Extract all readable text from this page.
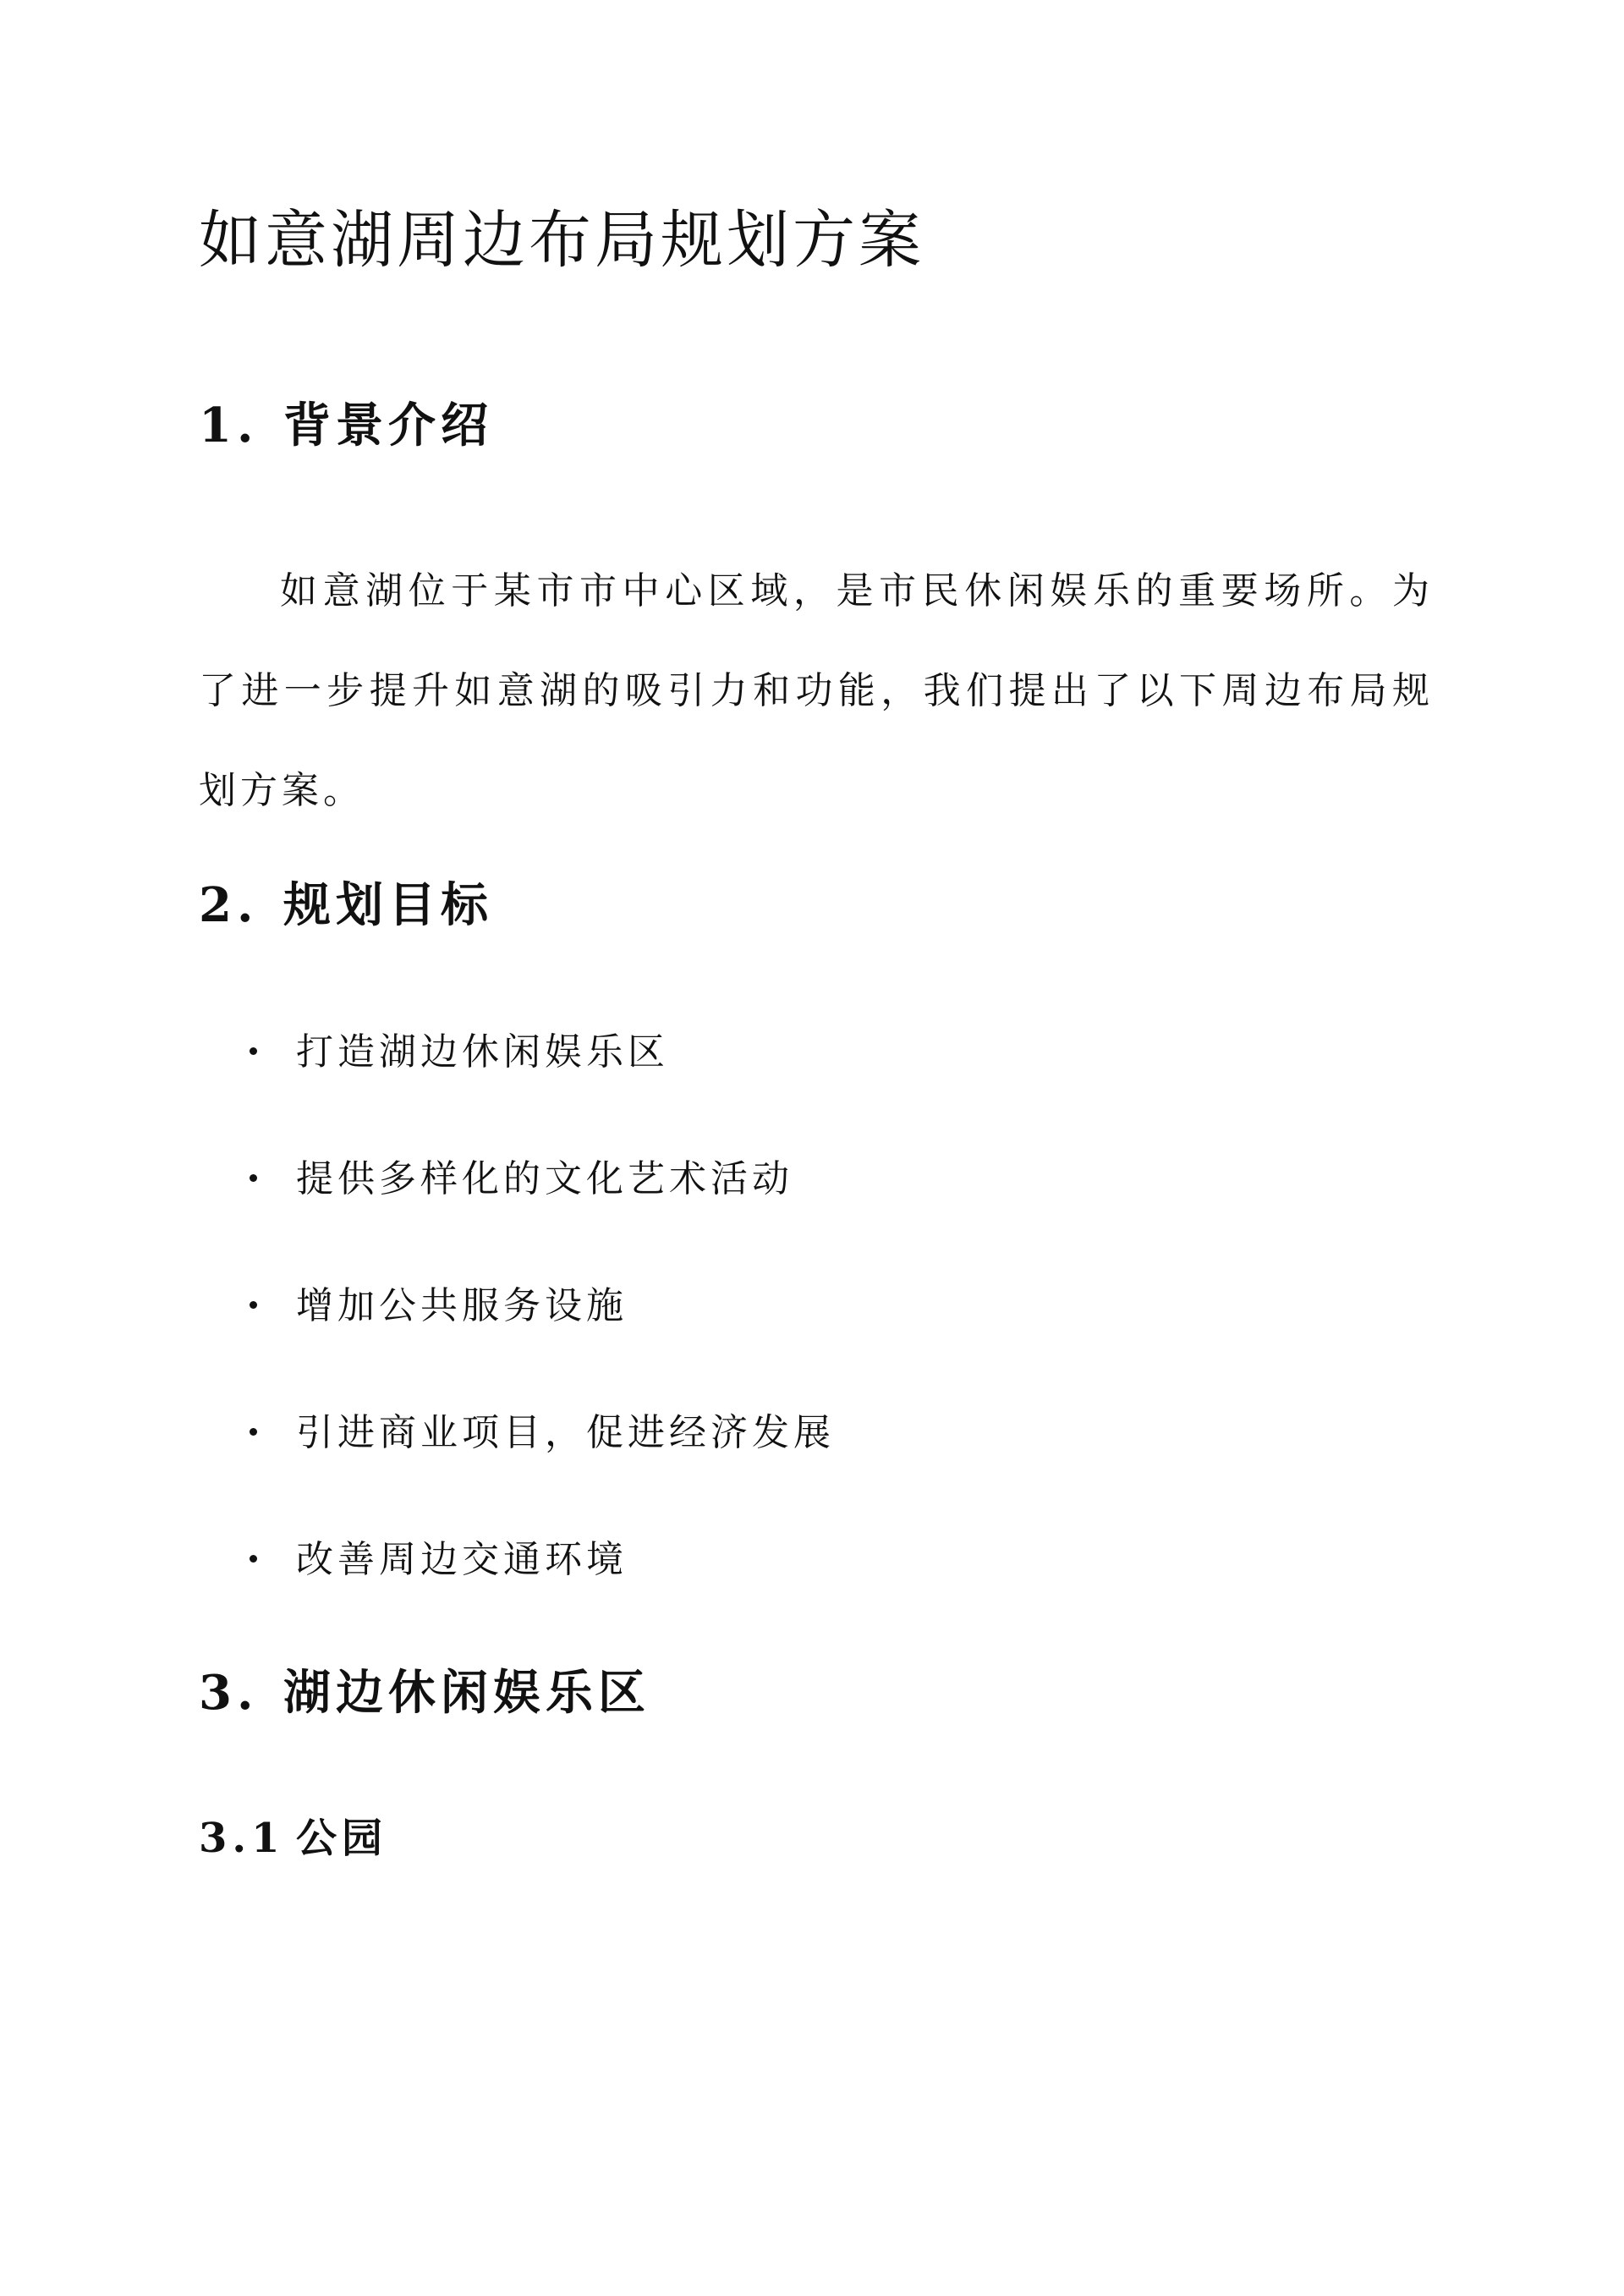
如意湖周边布局规划方案
1. 背景介绍

如意湖位于某市市中心区域，是市民休闲娱乐的重要场所。为了进一步提升如意湖的吸引力和功能，我们提出了以下周边布局规划方案。

2. 规划目标
打造湖边休闲娱乐区
提供多样化的文化艺术活动
增加公共服务设施
引进商业项目，促进经济发展
改善周边交通环境
3. 湖边休闲娱乐区
3.1 公园
